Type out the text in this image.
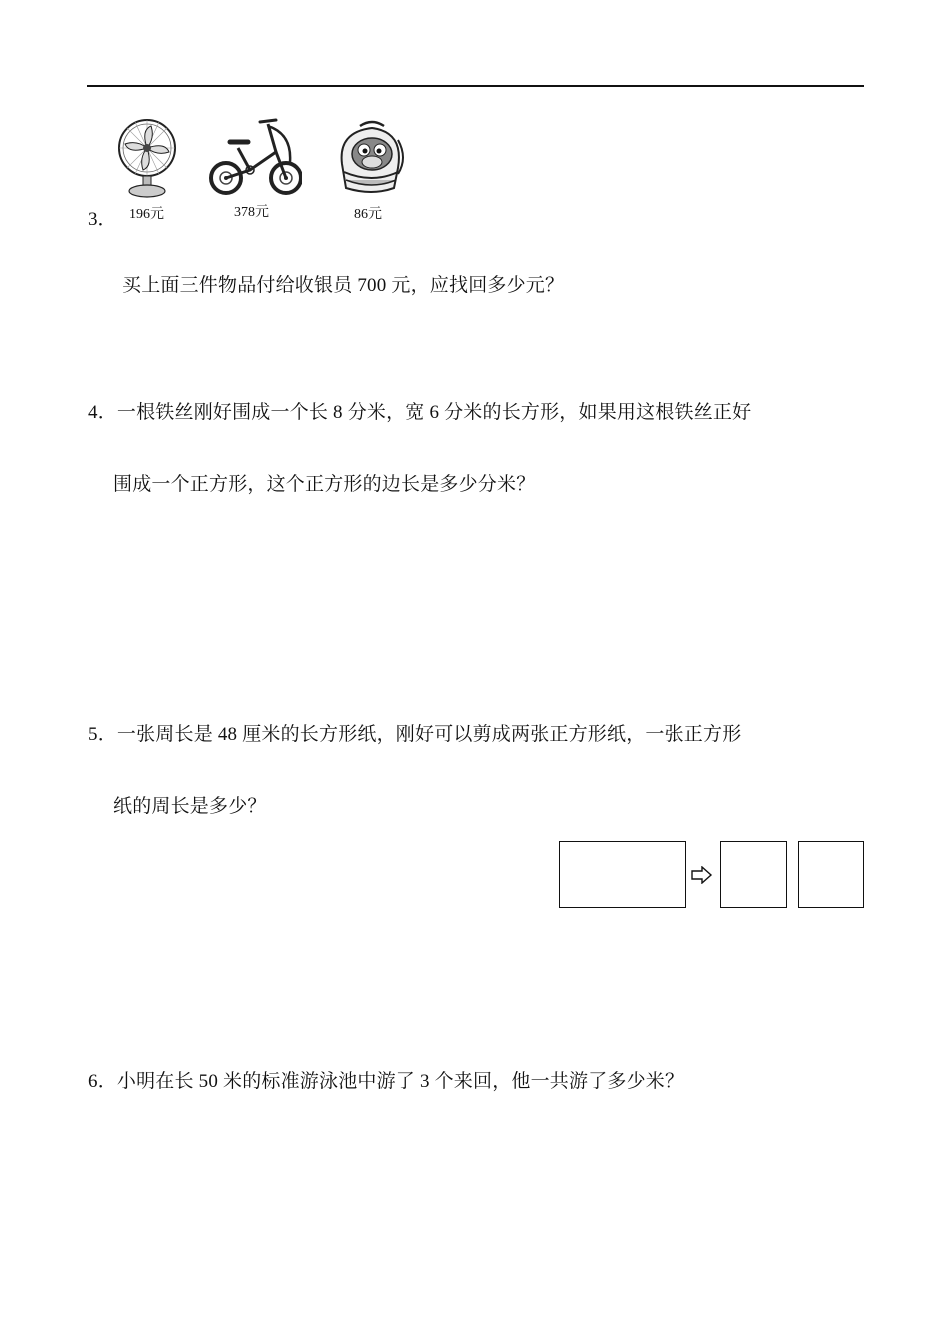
3． 196元	378元	86元
买上面三件物品付给收银员 700 元，应找回多少元？
4．一根铁丝刚好围成一个长 8 分米，宽 6 分米的长方形，如果用这根铁丝正好
围成一个正方形，这个正方形的边长是多少分米？
5．一张周长是 48 厘米的长方形纸，刚好可以剪成两张正方形纸，一张正方形
纸的周长是多少？
6．小明在长 50 米的标准游泳池中游了 3 个来回，他一共游了多少米？
